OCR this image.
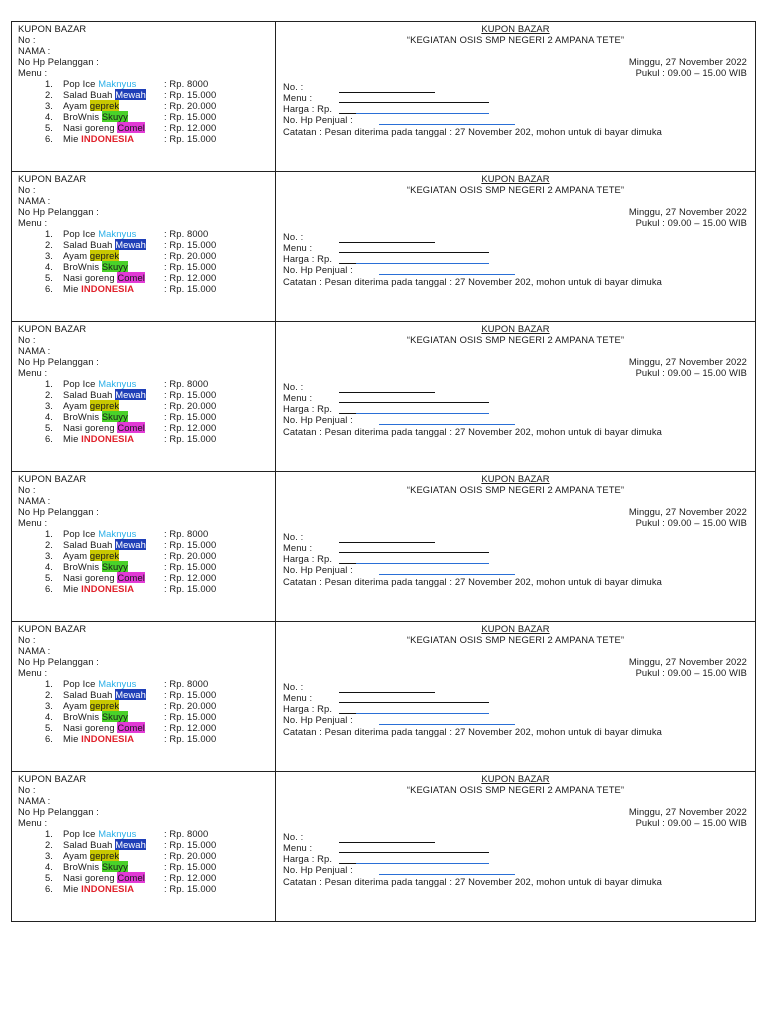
KUPON BAZAR
No :
NAMA :
No Hp Pelanggan :
Menu :
1. Pop Ice Maknyus	: Rp. 8000
2. Salad Buah Mewah : Rp. 15.000
3. Ayam geprek	: Rp. 20.000
4. BroWnis Skuyy	: Rp. 15.000
5. Nasi goreng Comel : Rp. 12.000
6. Mie INDONESIA	: Rp. 15.000
KUPON BAZAR
“KEGIATAN OSIS SMP NEGERI 2 AMPANA TETE”
Minggu, 27 November 2022
Pukul : 09.00 – 15.00 WIB
No. :
Menu :
Harga : Rp.
No. Hp Penjual :
Catatan : Pesan diterima pada tanggal : 27 November 202, mohon untuk di bayar dimuka
KUPON BAZAR
No :
NAMA :
No Hp Pelanggan :
Menu :
1. Pop Ice Maknyus	: Rp. 8000
2. Salad Buah Mewah : Rp. 15.000
3. Ayam geprek	: Rp. 20.000
4. BroWnis Skuyy	: Rp. 15.000
5. Nasi goreng Comel : Rp. 12.000
6. Mie INDONESIA	: Rp. 15.000
KUPON BAZAR
“KEGIATAN OSIS SMP NEGERI 2 AMPANA TETE”
Minggu, 27 November 2022
Pukul : 09.00 – 15.00 WIB
No. :
Menu :
Harga : Rp.
No. Hp Penjual :
Catatan : Pesan diterima pada tanggal : 27 November 202, mohon untuk di bayar dimuka
KUPON BAZAR
No :
NAMA :
No Hp Pelanggan :
Menu :
1. Pop Ice Maknyus	: Rp. 8000
2. Salad Buah Mewah : Rp. 15.000
3. Ayam geprek	: Rp. 20.000
4. BroWnis Skuyy	: Rp. 15.000
5. Nasi goreng Comel : Rp. 12.000
6. Mie INDONESIA	: Rp. 15.000
KUPON BAZAR
“KEGIATAN OSIS SMP NEGERI 2 AMPANA TETE”
Minggu, 27 November 2022
Pukul : 09.00 – 15.00 WIB
No. :
Menu :
Harga : Rp.
No. Hp Penjual :
Catatan : Pesan diterima pada tanggal : 27 November 202, mohon untuk di bayar dimuka
KUPON BAZAR
No :
NAMA :
No Hp Pelanggan :
Menu :
1. Pop Ice Maknyus	: Rp. 8000
2. Salad Buah Mewah : Rp. 15.000
3. Ayam geprek	: Rp. 20.000
4. BroWnis Skuyy	: Rp. 15.000
5. Nasi goreng Comel : Rp. 12.000
6. Mie INDONESIA	: Rp. 15.000
KUPON BAZAR
“KEGIATAN OSIS SMP NEGERI 2 AMPANA TETE”
Minggu, 27 November 2022
Pukul : 09.00 – 15.00 WIB
No. :
Menu :
Harga : Rp.
No. Hp Penjual :
Catatan : Pesan diterima pada tanggal : 27 November 202, mohon untuk di bayar dimuka
KUPON BAZAR
No :
NAMA :
No Hp Pelanggan :
Menu :
1. Pop Ice Maknyus	: Rp. 8000
2. Salad Buah Mewah : Rp. 15.000
3. Ayam geprek	: Rp. 20.000
4. BroWnis Skuyy	: Rp. 15.000
5. Nasi goreng Comel : Rp. 12.000
6. Mie INDONESIA	: Rp. 15.000
KUPON BAZAR
“KEGIATAN OSIS SMP NEGERI 2 AMPANA TETE”
Minggu, 27 November 2022
Pukul : 09.00 – 15.00 WIB
No. :
Menu :
Harga : Rp.
No. Hp Penjual :
Catatan : Pesan diterima pada tanggal : 27 November 202, mohon untuk di bayar dimuka
KUPON BAZAR
No :
NAMA :
No Hp Pelanggan :
Menu :
1. Pop Ice Maknyus	: Rp. 8000
2. Salad Buah Mewah : Rp. 15.000
3. Ayam geprek	: Rp. 20.000
4. BroWnis Skuyy	: Rp. 15.000
5. Nasi goreng Comel : Rp. 12.000
6. Mie INDONESIA	: Rp. 15.000
KUPON BAZAR
“KEGIATAN OSIS SMP NEGERI 2 AMPANA TETE”
Minggu, 27 November 2022
Pukul : 09.00 – 15.00 WIB
No. :
Menu :
Harga : Rp.
No. Hp Penjual :
Catatan : Pesan diterima pada tanggal : 27 November 202, mohon untuk di bayar dimuka
